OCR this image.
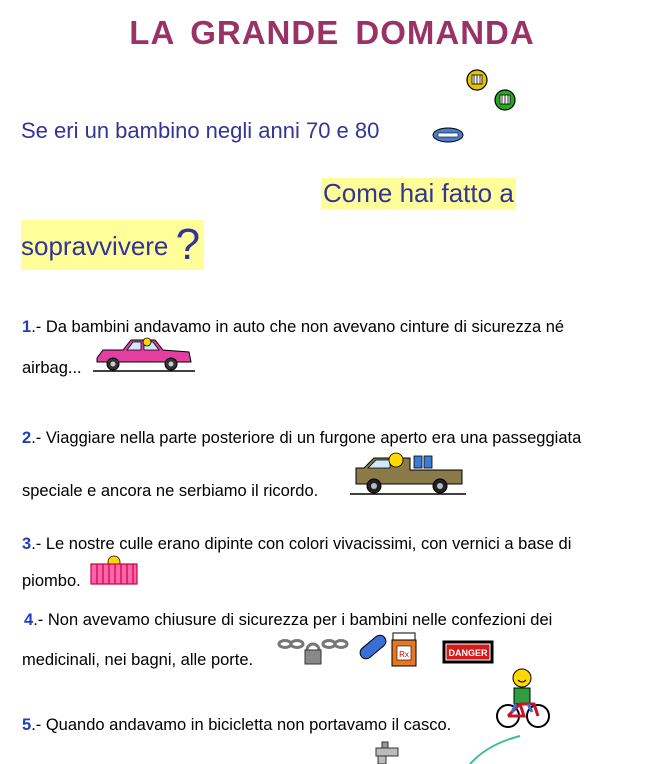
LA GRANDE DOMANDA
Se eri un bambino negli anni 70 e 80
Come hai fatto a
sopravvivere ?
1.- Da bambini andavamo in auto che non avevano cinture di sicurezza né
airbag...
2.- Viaggiare nella parte posteriore di un furgone aperto era una passeggiata
speciale e ancora ne serbiamo il ricordo.
3.- Le nostre culle erano dipinte con colori vivacissimi, con vernici a base di
piombo.
4.- Non avevamo chiusure di sicurezza per i bambini nelle confezioni dei
medicinali, nei bagni, alle porte.	Rx	DANGER
5.- Quando andavamo in bicicletta non portavamo il casco.
